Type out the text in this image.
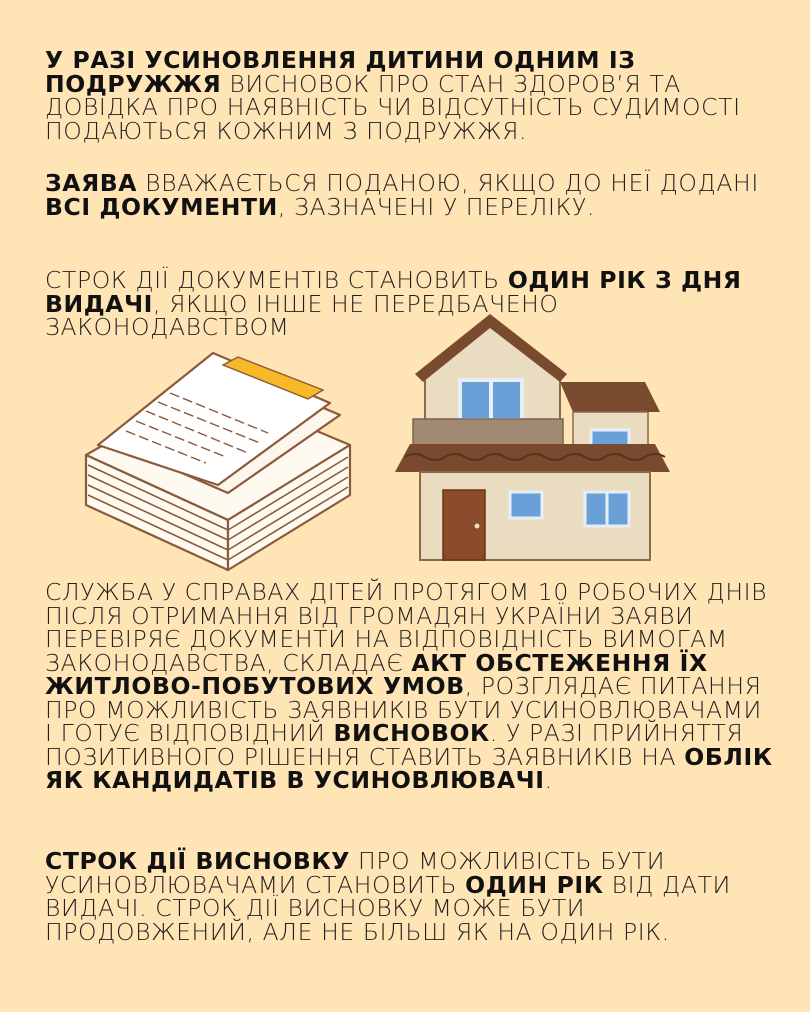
У РАЗІ УСИНОВЛЕННЯ ДИТИНИ ОДНИМ ІЗ ПОДРУЖЖЯ ВИСНОВОК ПРО СТАН ЗДОРОВ’Я ТА ДОВІДКА ПРО НАЯВНІСТЬ ЧИ ВІДСУТНІСТЬ СУДИМОСТІ ПОДАЮТЬСЯ КОЖНИМ З ПОДРУЖЖЯ.
ЗАЯВА ВВАЖАЄТЬСЯ ПОДАНОЮ, ЯКЩО ДО НЕЇ ДОДАНІ ВСІ ДОКУМЕНТИ, ЗАЗНАЧЕНІ У ПЕРЕЛІКУ.
СТРОК ДІЇ ДОКУМЕНТІВ СТАНОВИТЬ ОДИН РІК З ДНЯ ВИДАЧІ, ЯКЩО ІНШЕ НЕ ПЕРЕДБАЧЕНО ЗАКОНОДАВСТВОМ
СЛУЖБА У СПРАВАХ ДІТЕЙ ПРОТЯГОМ 10 РОБОЧИХ ДНІВ ПІСЛЯ ОТРИМАННЯ ВІД ГРОМАДЯН УКРАЇНИ ЗАЯВИ ПЕРЕВІРЯЄ ДОКУМЕНТИ НА ВІДПОВІДНІСТЬ ВИМОГАМ ЗАКОНОДАВСТВА, СКЛАДАЄ АКТ ОБСТЕЖЕННЯ ЇХ ЖИТЛОВО-ПОБУТОВИХ УМОВ, РОЗГЛЯДАЄ ПИТАННЯ ПРО МОЖЛИВІСТЬ ЗАЯВНИКІВ БУТИ УСИНОВЛЮВАЧАМИ І ГОТУЄ ВІДПОВІДНИЙ ВИСНОВОК. У РАЗІ ПРИЙНЯТТЯ ПОЗИТИВНОГО РІШЕННЯ СТАВИТЬ ЗАЯВНИКІВ НА ОБЛІК ЯК КАНДИДАТІВ В УСИНОВЛЮВАЧІ.
СТРОК ДІЇ ВИСНОВКУ ПРО МОЖЛИВІСТЬ БУТИ УСИНОВЛЮВАЧАМИ СТАНОВИТЬ ОДИН РІК ВІД ДАТИ ВИДАЧІ. СТРОК ДІЇ ВИСНОВКУ МОЖЕ БУТИ ПРОДОВЖЕНИЙ, АЛЕ НЕ БІЛЬШ ЯК НА ОДИН РІК.
